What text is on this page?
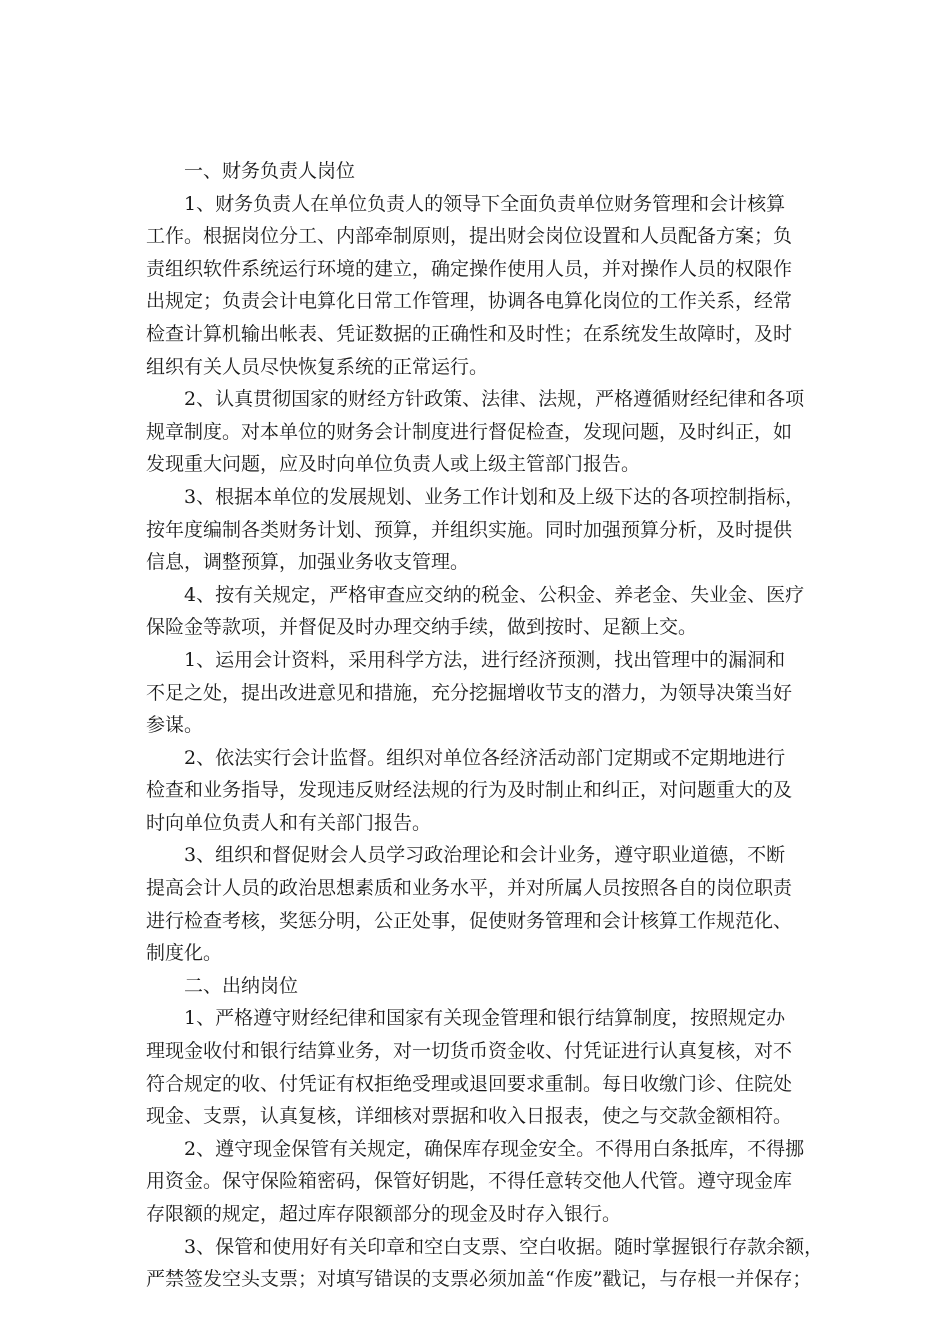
一、财务负责人岗位
1、财务负责人在单位负责人的领导下全面负责单位财务管理和会计核算
工作。根据岗位分工、内部牵制原则，提出财会岗位设置和人员配备方案；负
责组织软件系统运行环境的建立，确定操作使用人员，并对操作人员的权限作
出规定；负责会计电算化日常工作管理，协调各电算化岗位的工作关系，经常
检查计算机输出帐表、凭证数据的正确性和及时性；在系统发生故障时，及时
组织有关人员尽快恢复系统的正常运行。
2、认真贯彻国家的财经方针政策、法律、法规，严格遵循财经纪律和各项
规章制度。对本单位的财务会计制度进行督促检查，发现问题，及时纠正，如
发现重大问题，应及时向单位负责人或上级主管部门报告。
3、根据本单位的发展规划、业务工作计划和及上级下达的各项控制指标，
按年度编制各类财务计划、预算，并组织实施。同时加强预算分析，及时提供
信息，调整预算，加强业务收支管理。
4、按有关规定，严格审查应交纳的税金、公积金、养老金、失业金、医疗
保险金等款项，并督促及时办理交纳手续，做到按时、足额上交。
1、运用会计资料，采用科学方法，进行经济预测，找出管理中的漏洞和
不足之处，提出改进意见和措施，充分挖掘增收节支的潜力，为领导决策当好
参谋。
2、依法实行会计监督。组织对单位各经济活动部门定期或不定期地进行
检查和业务指导，发现违反财经法规的行为及时制止和纠正，对问题重大的及
时向单位负责人和有关部门报告。
3、组织和督促财会人员学习政治理论和会计业务，遵守职业道德，不断
提高会计人员的政治思想素质和业务水平，并对所属人员按照各自的岗位职责
进行检查考核，奖惩分明，公正处事，促使财务管理和会计核算工作规范化、
制度化。
二、出纳岗位
1、严格遵守财经纪律和国家有关现金管理和银行结算制度，按照规定办
理现金收付和银行结算业务，对一切货币资金收、付凭证进行认真复核，对不
符合规定的收、付凭证有权拒绝受理或退回要求重制。每日收缴门诊、住院处
现金、支票，认真复核，详细核对票据和收入日报表，使之与交款金额相符。
2、遵守现金保管有关规定，确保库存现金安全。不得用白条抵库，不得挪
用资金。保守保险箱密码，保管好钥匙，不得任意转交他人代管。遵守现金库
存限额的规定，超过库存限额部分的现金及时存入银行。
3、保管和使用好有关印章和空白支票、空白收据。随时掌握银行存款余额，
严禁签发空头支票；对填写错误的支票必须加盖“作废”戳记，与存根一并保存；
